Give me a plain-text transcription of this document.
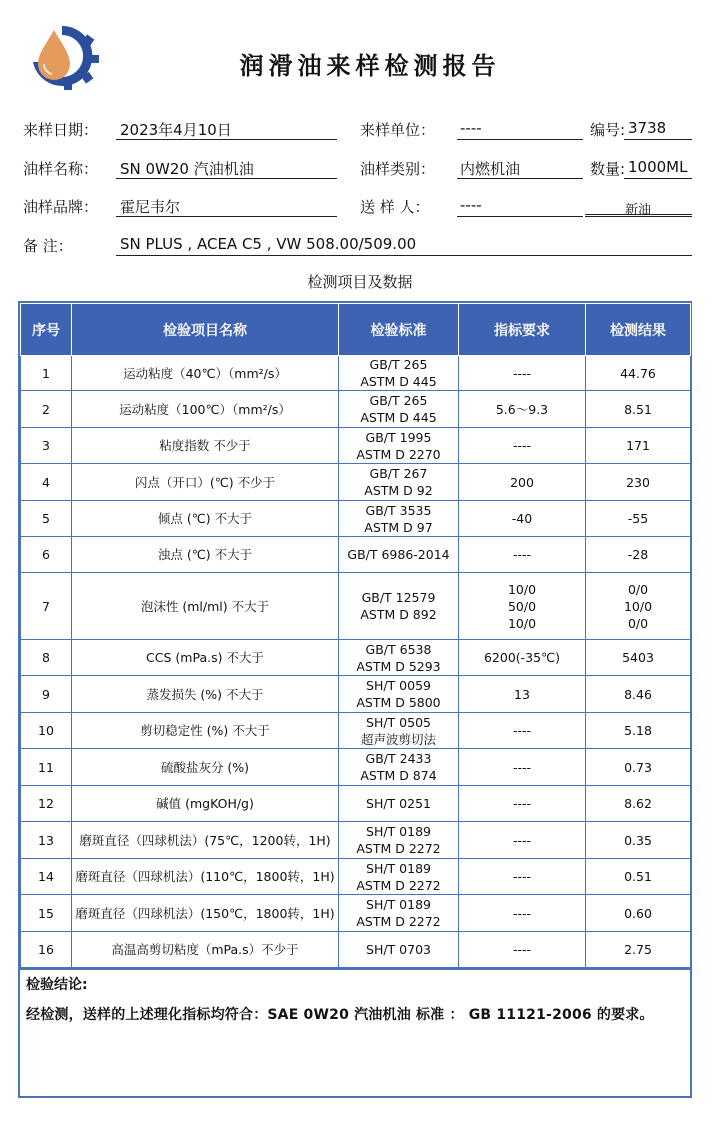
润滑油来样检测报告
来样日期： 2023年4月10日	来样单位： ----	编号: 3738
油样名称： SN 0W20 汽油机油	油样类别： 内燃机油	数量: 1000ML
油样品牌： 霍尼韦尔	送 样 人： ----	新油
备 注：	SN PLUS , ACEA C5 , VW 508.00/509.00
检测项目及数据
序号	检验项目名称	检验标准	指标要求	检测结果
1	运动粘度（40℃）（mm²/s）	GB/T 265
ASTM D 445	----	44.76

2	运动粘度（100℃）（mm²/s）	GB/T 265
ASTM D 445	5.6～9.3	8.51

3	粘度指数 不少于	GB/T 1995
ASTM D 2270	----	171

4	闪点（开口）(℃) 不少于	GB/T 267
ASTM D 92	200	230

5	倾点 (℃) 不大于	GB/T 3535
ASTM D 97	-40	-55

6	浊点 (℃) 不大于	GB/T 6986-2014	----	-28

7	泡沫性 (ml/ml) 不大于	GB/T 12579
ASTM D 892	10/0
50/0
10/0	0/0
10/0
0/0

8	CCS (mPa.s) 不大于	GB/T 6538
ASTM D 5293	6200(-35℃)	5403

9	蒸发损失 (%) 不大于	SH/T 0059
ASTM D 5800	13	8.46

10	剪切稳定性 (%) 不大于	SH/T 0505
超声波剪切法	----	5.18

11	硫酸盐灰分 (%)	GB/T 2433
ASTM D 874	----	0.73

12	碱值 (mgKOH/g)	SH/T 0251	----	8.62

13	磨斑直径（四球机法）(75℃，1200转，1H)	SH/T 0189
ASTM D 2272	----	0.35

14	磨斑直径（四球机法）(110℃，1800转，1H)	SH/T 0189
ASTM D 2272	----	0.51

15	磨斑直径（四球机法）(150℃，1800转，1H)	SH/T 0189
ASTM D 2272	----	0.60

16	高温高剪切粘度（mPa.s）不少于	SH/T 0703	----	2.75
检验结论:
经检测，送样的上述理化指标均符合：SAE 0W20 汽油机油 标准 ： GB 11121-2006 的要求。
